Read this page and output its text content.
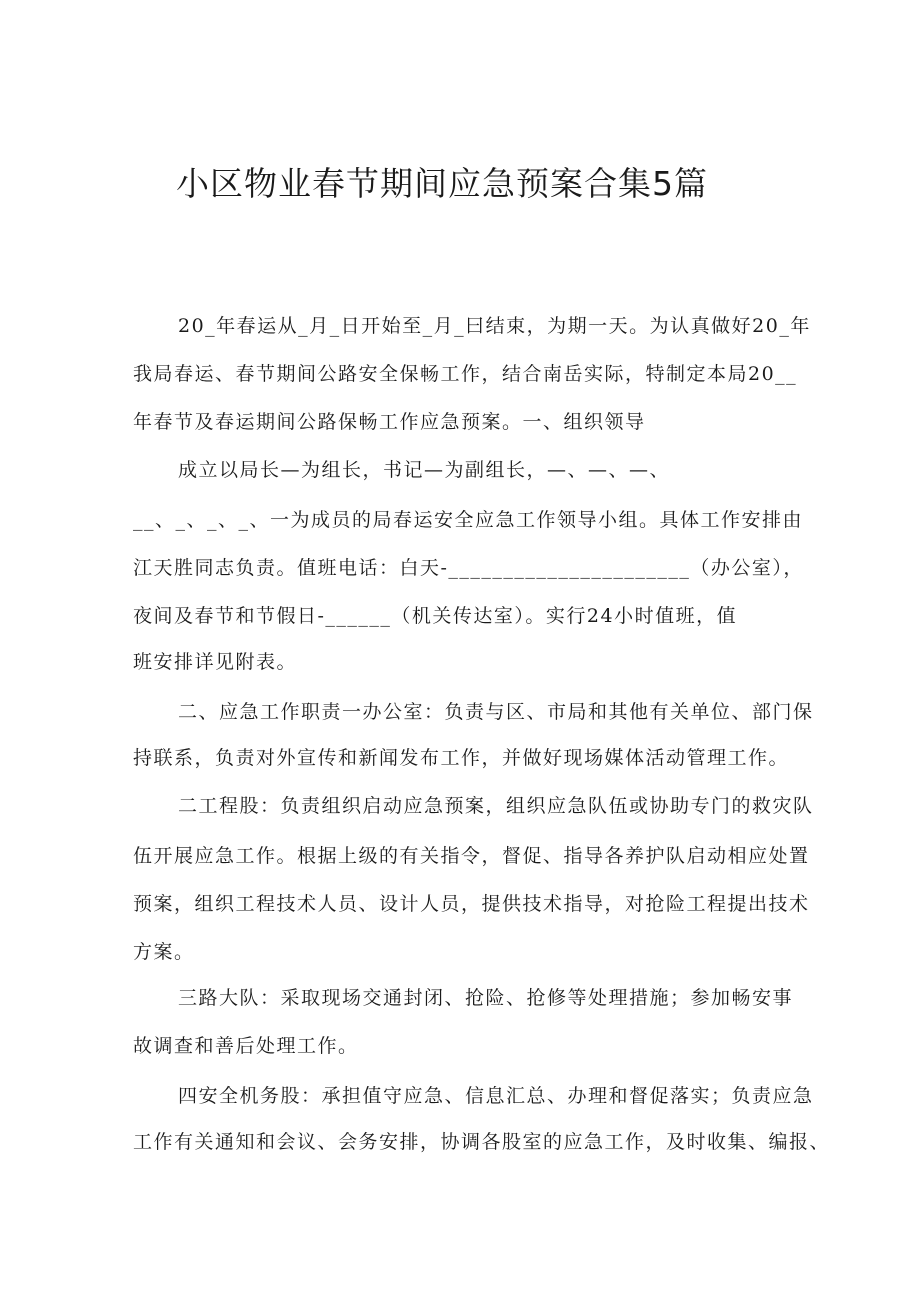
小区物业春节期间应急预案合集5篇
20_年春运从_月_日开始至_月_曰结束，为期一天。为认真做好20_年
我局春运、春节期间公路安全保畅工作，结合南岳实际，特制定本局20__
年春节及春运期间公路保畅工作应急预案。一、组织领导
成立以局长—为组长，书记—为副组长，—、—、—、
__、_、_、_、一为成员的局春运安全应急工作领导小组。具体工作安排由
江天胜同志负责。值班电话：白天-______________________（办公室），
夜间及春节和节假日-______（机关传达室）。实行24小时值班，值
班安排详见附表。
二、应急工作职责一办公室：负责与区、市局和其他有关单位、部门保
持联系，负责对外宣传和新闻发布工作，并做好现场媒体活动管理工作。
二工程股：负责组织启动应急预案，组织应急队伍或协助专门的救灾队
伍开展应急工作。根据上级的有关指令，督促、指导各养护队启动相应处置
预案，组织工程技术人员、设计人员，提供技术指导，对抢险工程提出技术
方案。
三路大队：采取现场交通封闭、抢险、抢修等处理措施；参加畅安事
故调查和善后处理工作。
四安全机务股：承担值守应急、信息汇总、办理和督促落实；负责应急
工作有关通知和会议、会务安排，协调各股室的应急工作，及时收集、编报、
